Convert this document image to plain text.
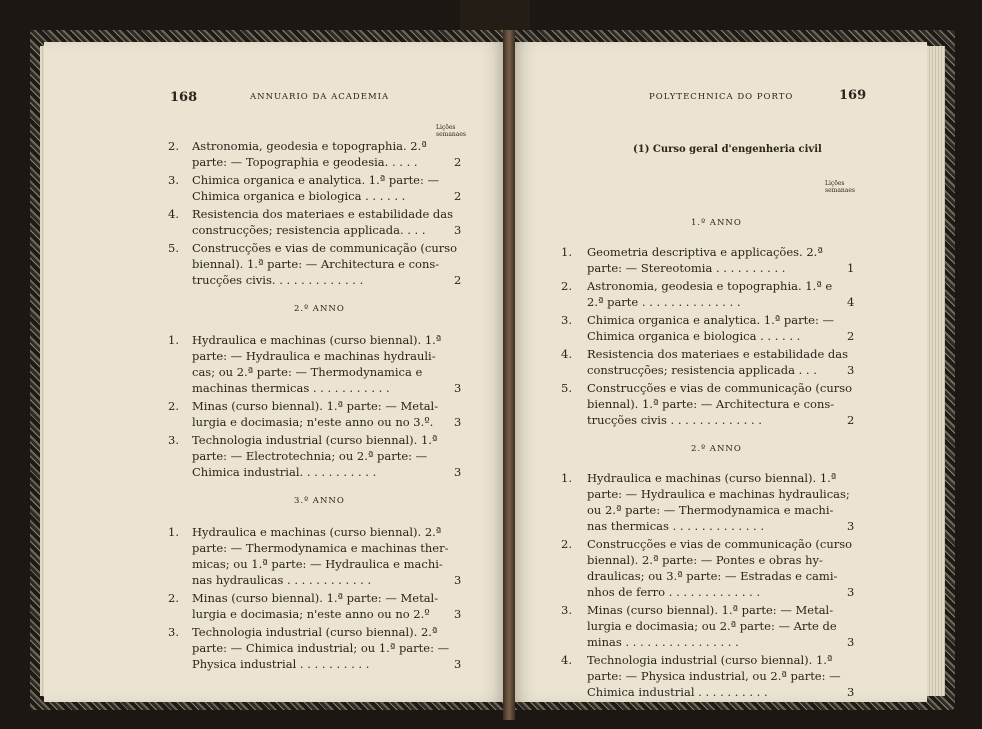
168	ANNUARIO DA ACADEMIA
Lições
semanaes
2. Astronomia, geodesia e topographia. 2.ª
parte: — Topographia e geodesia. . . . .	2
3. Chimica organica e analytica. 1.ª parte: —
Chimica organica e biologica . . . . . .	2
4. Resistencia dos materiaes e estabilidade das
construcções; resistencia applicada. . . . 3
5. Construcções e vias de communicação (curso
biennal). 1.ª parte: — Architectura e cons-
trucções civis. . . . . . . . . . . . .	2
2.º ANNO
1. Hydraulica e machinas (curso biennal). 1.ª
parte: — Hydraulica e machinas hydrauli-
cas; ou 2.ª parte: — Thermodynamica e
machinas thermicas . . . . . . . . . . .	3
2. Minas (curso biennal). 1.ª parte: — Metal-
lurgia e docimasia; n'este anno ou no 3.º. 3
3. Technologia industrial (curso biennal). 1.ª
parte: — Electrotechnia; ou 2.ª parte: —
Chimica industrial. . . . . . . . . . .	3
3.º ANNO
1. Hydraulica e machinas (curso biennal). 2.ª
parte: — Thermodynamica e machinas ther-
micas; ou 1.ª parte: — Hydraulica e machi-
nas hydraulicas . . . . . . . . . . . .	3
2. Minas (curso biennal). 1.ª parte: — Metal-
lurgia e docimasia; n'este anno ou no 2.º 3
3. Technologia industrial (curso biennal). 2.ª
parte: — Chimica industrial; ou 1.ª parte: —
Physica industrial . . . . . . . . . .	3
169
POLYTECHNICA DO PORTO
Lições
semanaes
(1) Curso geral d'engenheria civil
1.º ANNO
1. Geometria descriptiva e applicações. 2.ª
parte: — Stereotomia . . . . . . . . . .	1
2. Astronomia, geodesia e topographia. 1.ª e
2.ª parte . . . . . . . . . . . . . .	4
3. Chimica organica e analytica. 1.ª parte: —
Chimica organica e biologica . . . . . .	2
4. Resistencia dos materiaes e estabilidade das
construcções; resistencia applicada . . .	3
5. Construcções e vias de communicação (curso
biennal). 1.ª parte: — Architectura e cons-
trucções civis . . . . . . . . . . . . .	2
2.º ANNO
1. Hydraulica e machinas (curso biennal). 1.ª
parte: — Hydraulica e machinas hydraulicas;
ou 2.ª parte: — Thermodynamica e machi-
nas thermicas . . . . . . . . . . . . .	3
2. Construcções e vias de communicação (curso
biennal). 2.ª parte: — Pontes e obras hy-
draulicas; ou 3.ª parte: — Estradas e cami-
nhos de ferro . . . . . . . . . . . . .	3
3. Minas (curso biennal). 1.ª parte: — Metal-
lurgia e docimasia; ou 2.ª parte: — Arte de
minas . . . . . . . . . . . . . . . .	3
4. Technologia industrial (curso biennal). 1.ª
parte: — Physica industrial, ou 2.ª parte: —
Chimica industrial . . . . . . . . . .	3
